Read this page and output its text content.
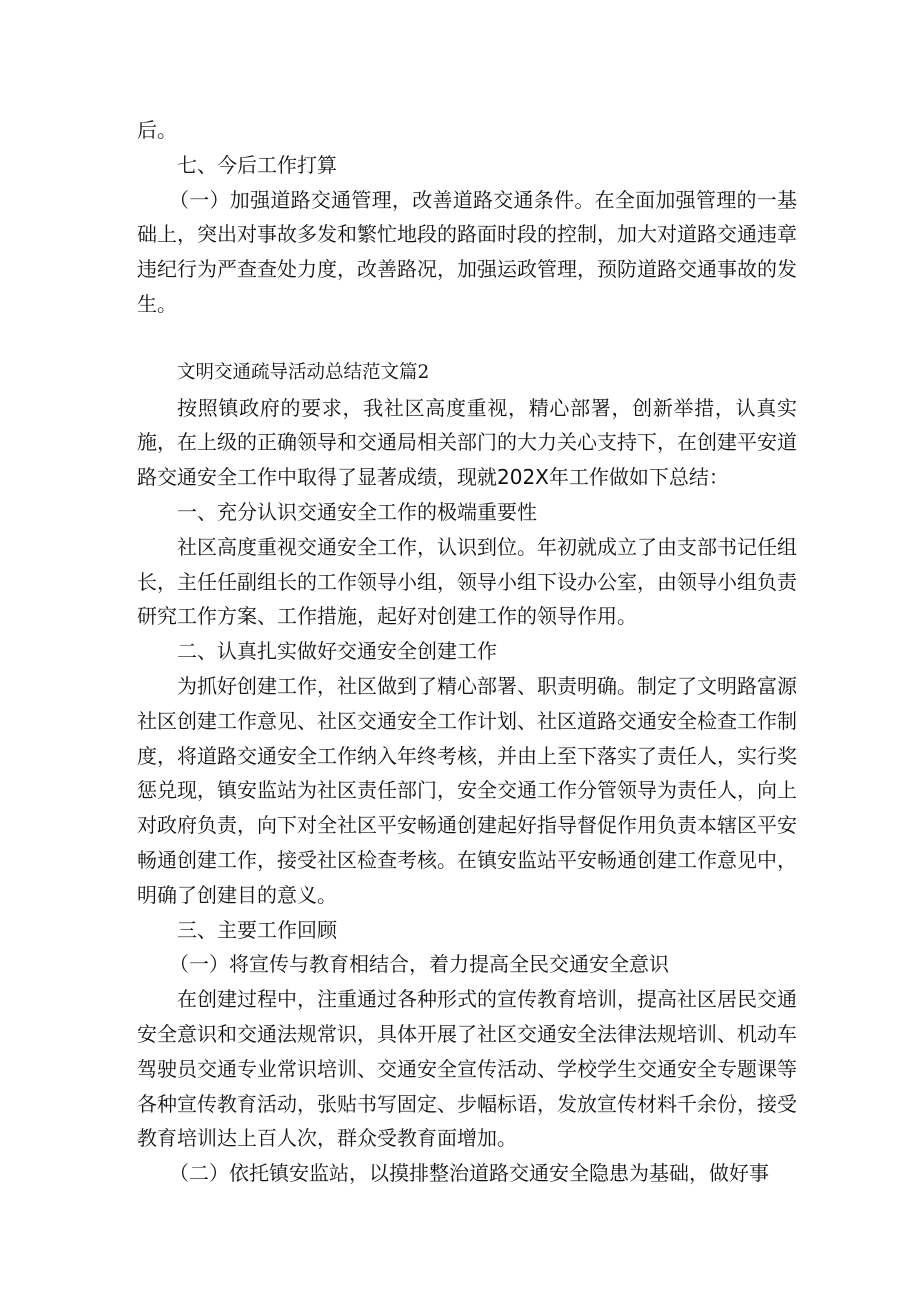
后。

七、今后工作打算

（一）加强道路交通管理，改善道路交通条件。在全面加强管理的一基础上，突出对事故多发和繁忙地段的路面时段的控制，加大对道路交通违章违纪行为严查查处力度，改善路况，加强运政管理，预防道路交通事故的发生。

文明交通疏导活动总结范文篇2

按照镇政府的要求，我社区高度重视，精心部署，创新举措，认真实施，在上级的正确领导和交通局相关部门的大力关心支持下，在创建平安道路交通安全工作中取得了显著成绩，现就202X年工作做如下总结：

一、充分认识交通安全工作的极端重要性

社区高度重视交通安全工作，认识到位。年初就成立了由支部书记任组长，主任任副组长的工作领导小组，领导小组下设办公室，由领导小组负责研究工作方案、工作措施，起好对创建工作的领导作用。

二、认真扎实做好交通安全创建工作

为抓好创建工作，社区做到了精心部署、职责明确。制定了文明路富源社区创建工作意见、社区交通安全工作计划、社区道路交通安全检查工作制度，将道路交通安全工作纳入年终考核，并由上至下落实了责任人，实行奖惩兑现，镇安监站为社区责任部门，安全交通工作分管领导为责任人，向上对政府负责，向下对全社区平安畅通创建起好指导督促作用负责本辖区平安畅通创建工作，接受社区检查考核。在镇安监站平安畅通创建工作意见中，明确了创建目的意义。

三、主要工作回顾

（一）将宣传与教育相结合，着力提高全民交通安全意识

在创建过程中，注重通过各种形式的宣传教育培训，提高社区居民交通安全意识和交通法规常识，具体开展了社区交通安全法律法规培训、机动车驾驶员交通专业常识培训、交通安全宣传活动、学校学生交通安全专题课等各种宣传教育活动，张贴书写固定、步幅标语，发放宣传材料千余份，接受教育培训达上百人次，群众受教育面增加。

（二）依托镇安监站，以摸排整治道路交通安全隐患为基础，做好事
